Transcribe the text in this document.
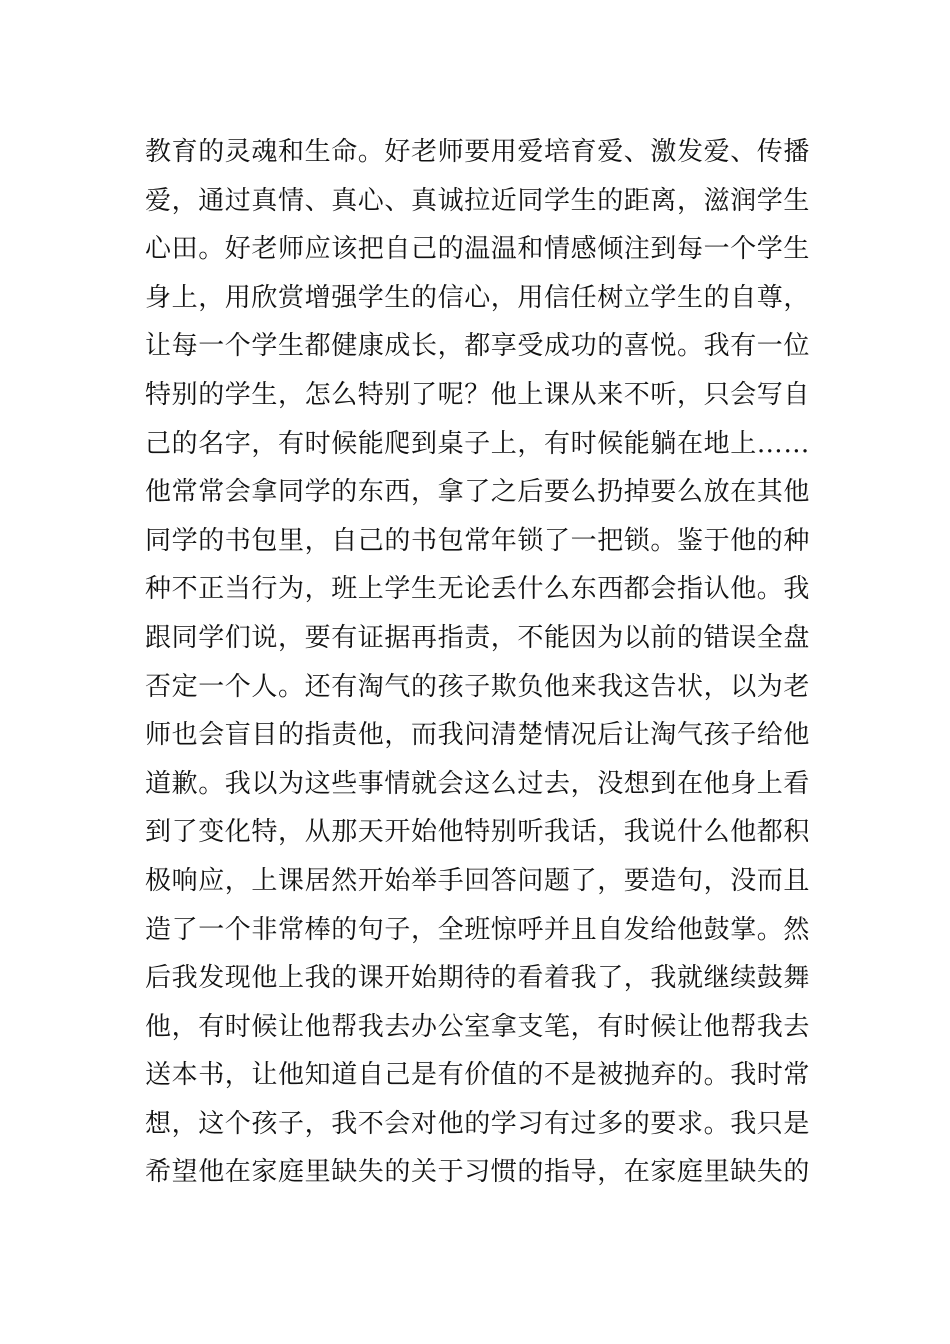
教育的灵魂和生命。好老师要用爱培育爱、激发爱、传播
爱，通过真情、真心、真诚拉近同学生的距离，滋润学生
心田。好老师应该把自己的温温和情感倾注到每一个学生
身上，用欣赏增强学生的信心，用信任树立学生的自尊，
让每一个学生都健康成长，都享受成功的喜悦。我有一位
特别的学生，怎么特别了呢？他上课从来不听，只会写自
己的名字，有时候能爬到桌子上，有时候能躺在地上……
他常常会拿同学的东西，拿了之后要么扔掉要么放在其他
同学的书包里，自己的书包常年锁了一把锁。鉴于他的种
种不正当行为，班上学生无论丢什么东西都会指认他。我
跟同学们说，要有证据再指责，不能因为以前的错误全盘
否定一个人。还有淘气的孩子欺负他来我这告状，以为老
师也会盲目的指责他，而我问清楚情况后让淘气孩子给他
道歉。我以为这些事情就会这么过去，没想到在他身上看
到了变化特，从那天开始他特别听我话，我说什么他都积
极响应，上课居然开始举手回答问题了，要造句，没而且
造了一个非常棒的句子，全班惊呼并且自发给他鼓掌。然
后我发现他上我的课开始期待的看着我了，我就继续鼓舞
他，有时候让他帮我去办公室拿支笔，有时候让他帮我去
送本书，让他知道自己是有价值的不是被抛弃的。我时常
想，这个孩子，我不会对他的学习有过多的要求。我只是
希望他在家庭里缺失的关于习惯的指导，在家庭里缺失的
